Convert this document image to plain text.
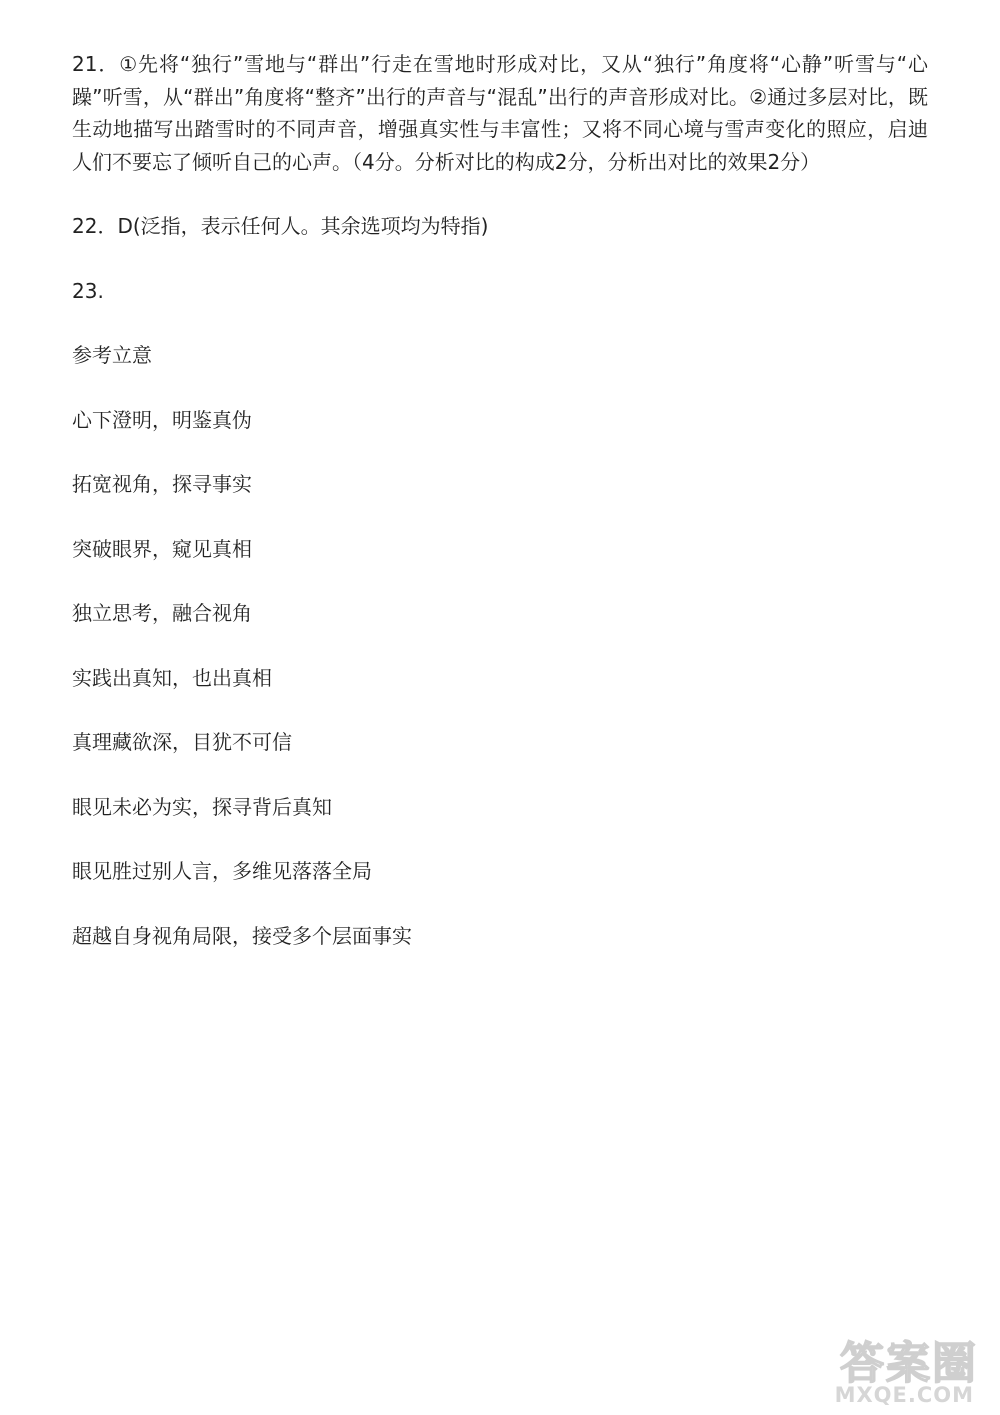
21．①先将“独行”雪地与“群出”行走在雪地时形成对比，又从“独行”角度将“心静”听雪与“心躁”听雪，从“群出”角度将“整齐”出行的声音与“混乱”出行的声音形成对比。②通过多层对比，既生动地描写出踏雪时的不同声音，增强真实性与丰富性；又将不同心境与雪声变化的照应，启迪人们不要忘了倾听自己的心声。（4分。分析对比的构成2分，分析出对比的效果2分）

22．D(泛指，表示任何人。其余选项均为特指)

23.

参考立意

心下澄明，明鉴真伪

拓宽视角，探寻事实

突破眼界，窥见真相

独立思考，融合视角

实践出真知，也出真相

真理藏欲深，目犹不可信

眼见未必为实，探寻背后真知

眼见胜过别人言，多维见落落全局

超越自身视角局限，接受多个层面事实

答案圈
MXQE.COM
